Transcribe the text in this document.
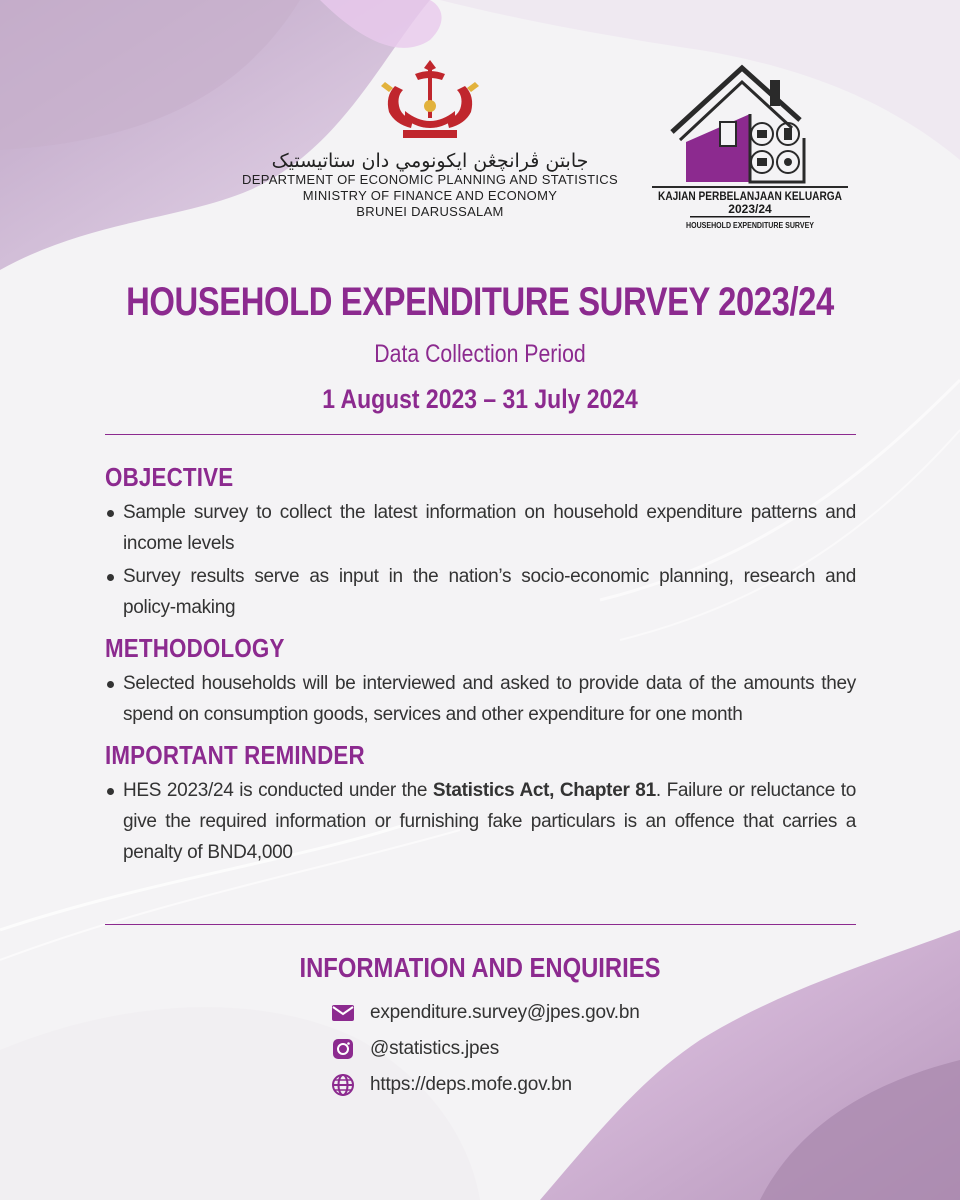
جابتن ڤرانچڠن ايکونومي دان ستاتيستيک
DEPARTMENT OF ECONOMIC PLANNING AND STATISTICS
MINISTRY OF FINANCE AND ECONOMY
BRUNEI DARUSSALAM
KAJIAN PERBELANJAAN KELUARGA
2023/24
HOUSEHOLD EXPENDITURE SURVEY
HOUSEHOLD EXPENDITURE SURVEY 2023/24
Data Collection Period
1 August 2023 – 31 July 2024
OBJECTIVE
Sample survey to collect the latest information on household expenditure patterns and income levels
Survey results serve as input in the nation’s socio-economic planning, research and policy-making
METHODOLOGY
Selected households will be interviewed and asked to provide data of the amounts they spend on consumption goods, services and other expenditure for one month
IMPORTANT REMINDER
HES 2023/24 is conducted under the Statistics Act, Chapter 81. Failure or reluctance to give the required information or furnishing fake particulars is an offence that carries a penalty of BND4,000
INFORMATION AND ENQUIRIES
expenditure.survey@jpes.gov.bn
@statistics.jpes
https://deps.mofe.gov.bn
